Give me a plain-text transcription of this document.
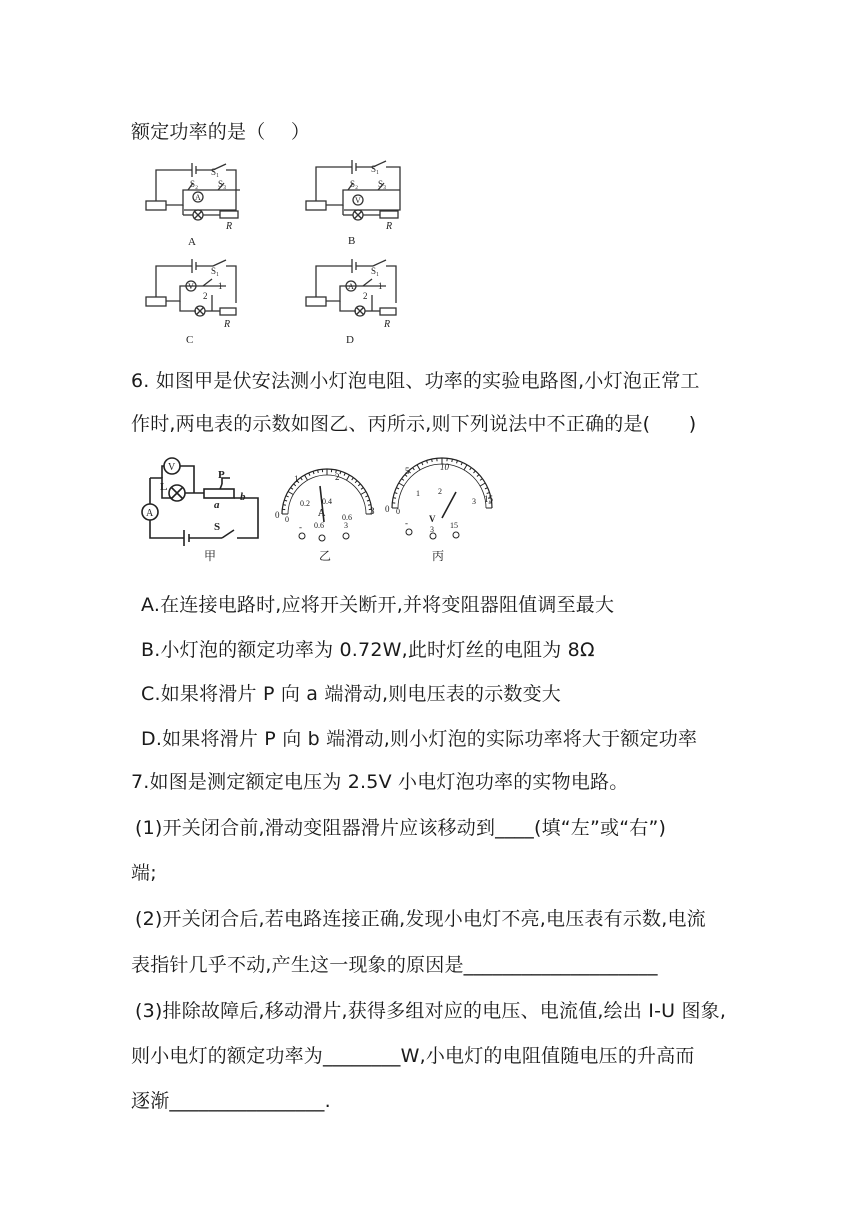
额定功率的是（　 ）
S₁
S₂ S₃
A
R
A
S₁
S₂ S₃
V
R
B
S₁
V
2
1
R
C
S₁
A
2
1
R
D
6. 如图甲是伏安法测小灯泡电阻、功率的实验电路图,小灯泡正常工
作时,两电表的示数如图乙、丙所示,则下列说法中不正确的是(　　)
A
V
L
P
a
b
S
甲
0
1	2
3
0
0.2 0.4
0.6
A
0.6	3
-
乙
0
5	10
15
0
1 2
3
V
3 15
-
丙
A.在连接电路时,应将开关断开,并将变阻器阻值调至最大
B.小灯泡的额定功率为 0.72W,此时灯丝的电阻为 8Ω
C.如果将滑片 P 向 a 端滑动,则电压表的示数变大
D.如果将滑片 P 向 b 端滑动,则小灯泡的实际功率将大于额定功率
7.如图是测定额定电压为 2.5V 小电灯泡功率的实物电路。
(1)开关闭合前,滑动变阻器滑片应该移动到____(填“左”或“右”)
端;
(2)开关闭合后,若电路连接正确,发现小电灯不亮,电压表有示数,电流
表指针几乎不动,产生这一现象的原因是____________________
(3)排除故障后,移动滑片,获得多组对应的电压、电流值,绘出 I-U 图象,
则小电灯的额定功率为________W,小电灯的电阻值随电压的升高而
逐渐________________.
